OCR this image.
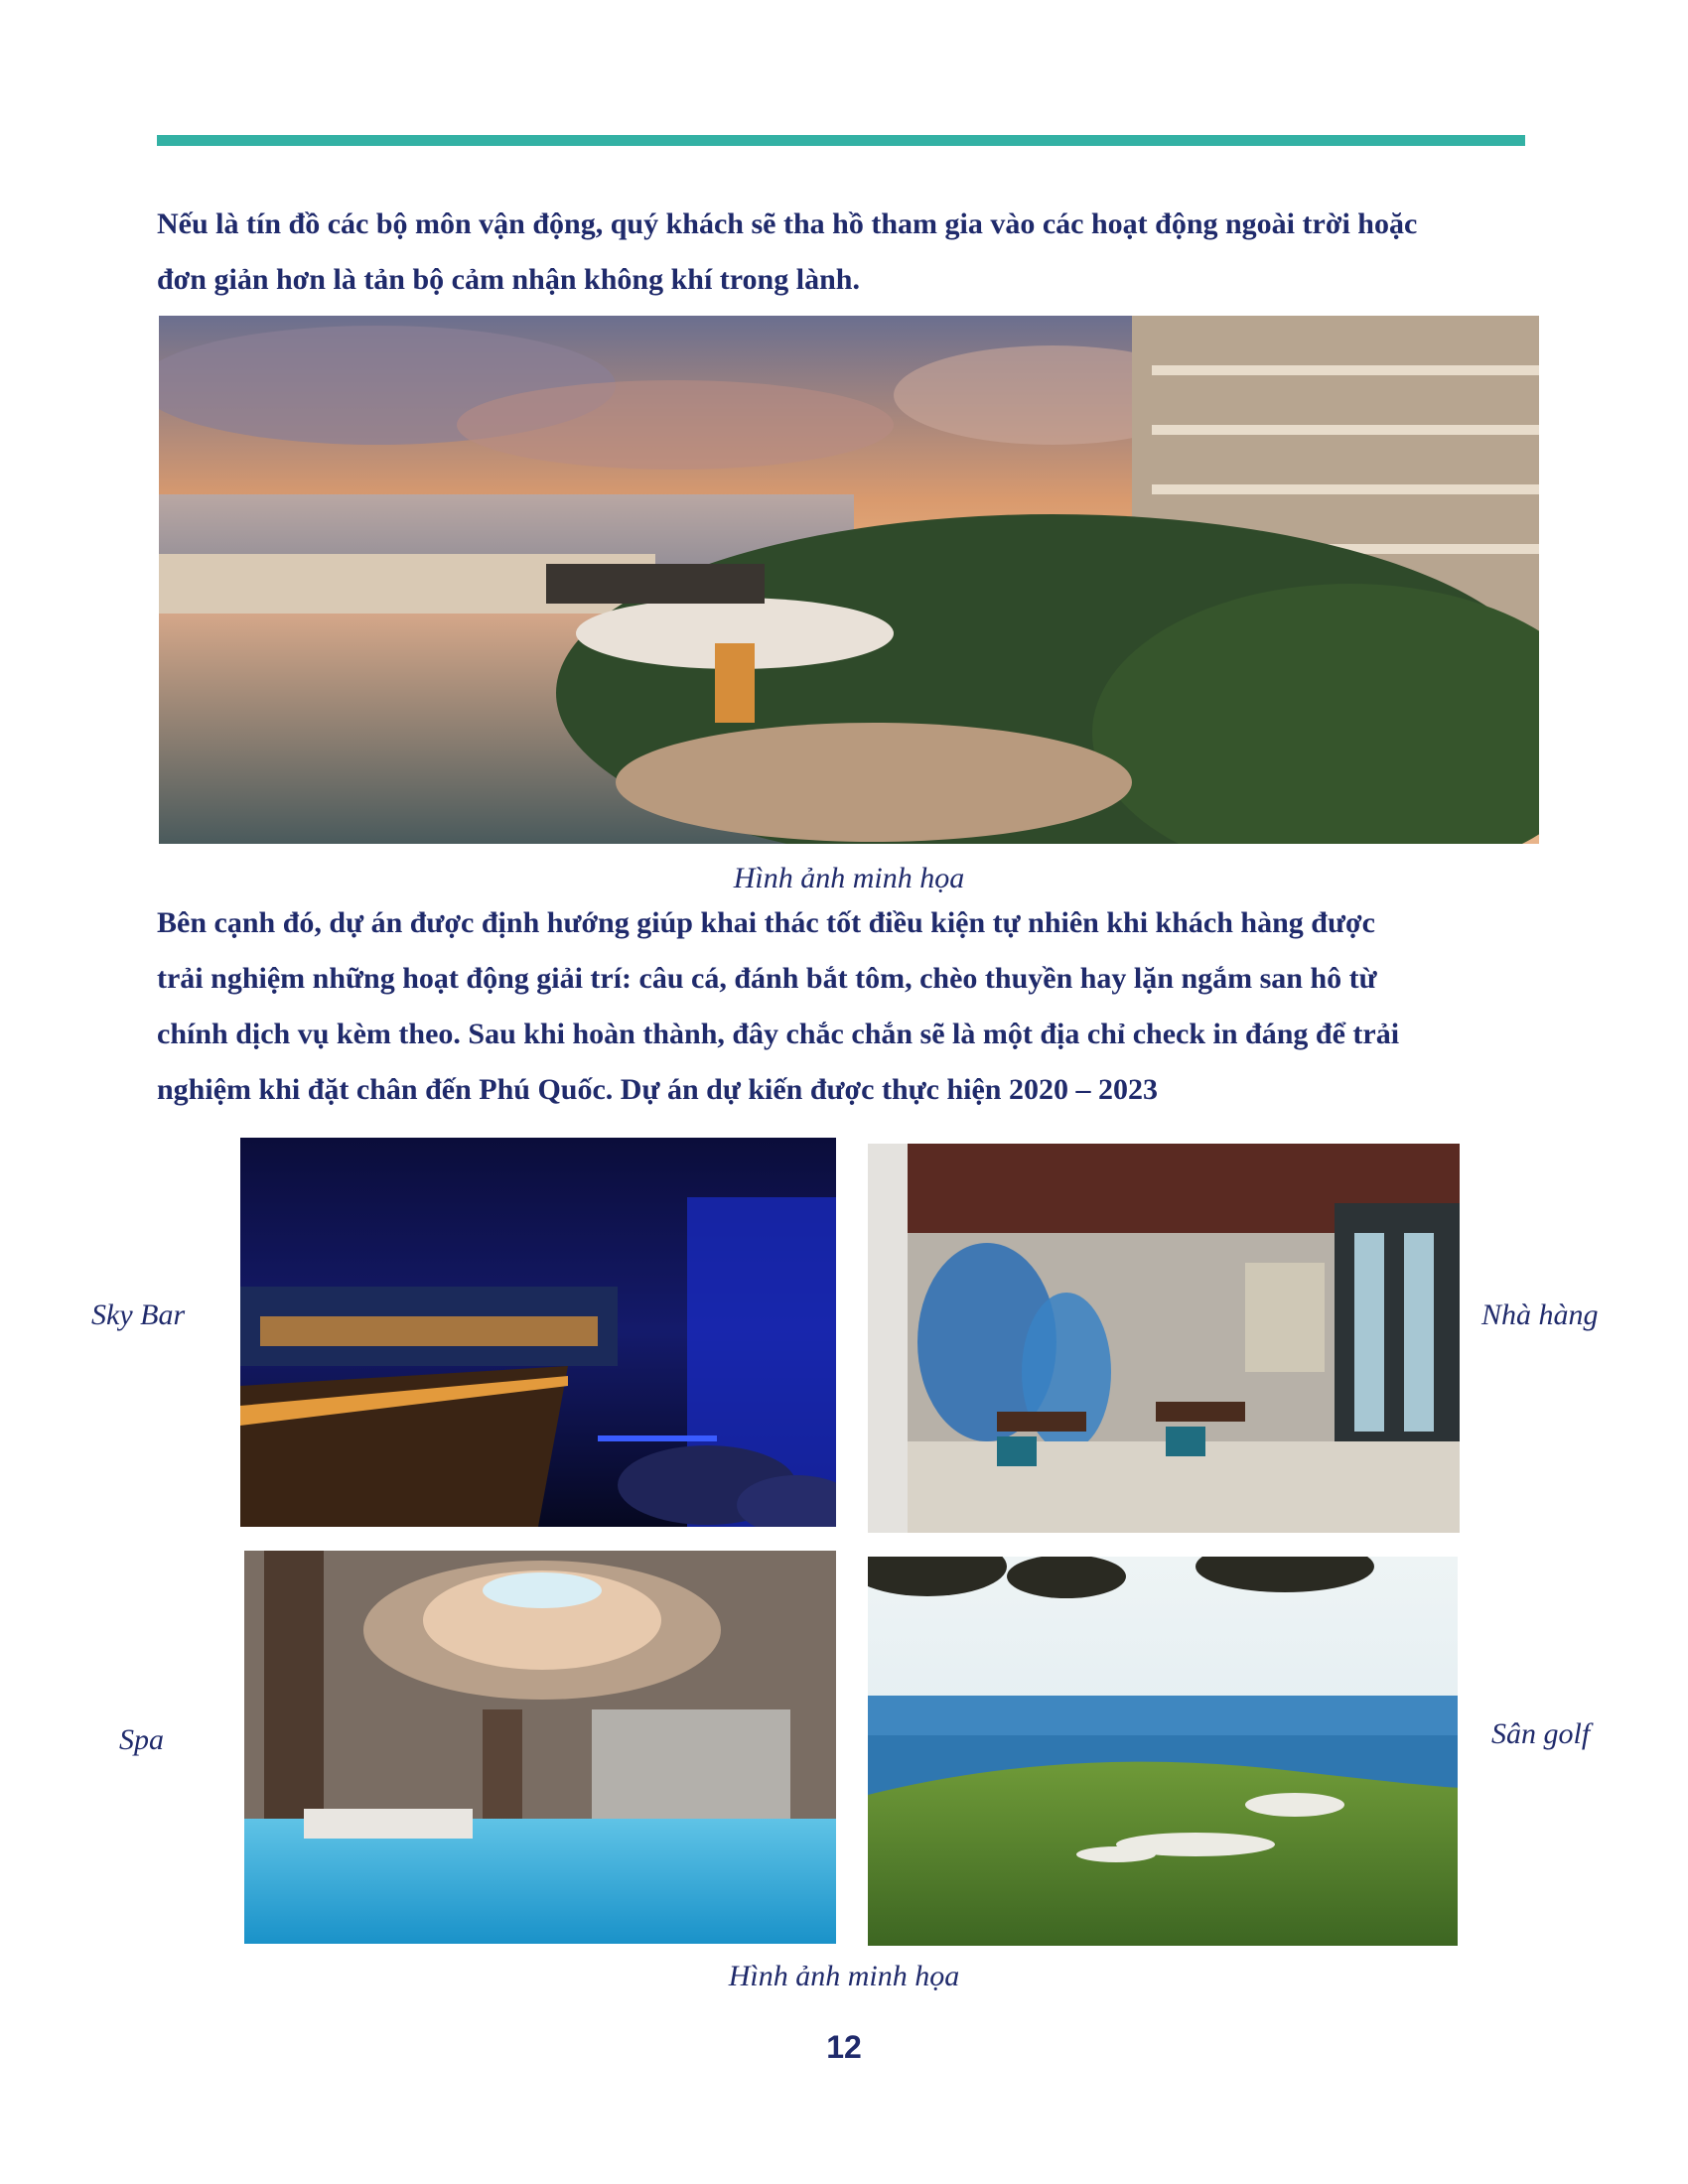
Nếu là tín đồ các bộ môn vận động, quý khách sẽ tha hồ tham gia vào các hoạt động ngoài trời hoặc
đơn giản hơn là tản bộ cảm nhận không khí trong lành.
Hình ảnh minh họa
Bên cạnh đó, dự án được định hướng giúp khai thác tốt điều kiện tự nhiên khi khách hàng được
trải nghiệm những hoạt động giải trí: câu cá, đánh bắt tôm, chèo thuyền hay lặn ngắm san hô từ
chính dịch vụ kèm theo. Sau khi hoàn thành, đây chắc chắn sẽ là một địa chỉ check in đáng để trải
nghiệm khi đặt chân đến Phú Quốc. Dự án dự kiến được thực hiện 2020 – 2023
Sky Bar	Nhà hàng
Spa	Sân golf
Hình ảnh minh họa
12
